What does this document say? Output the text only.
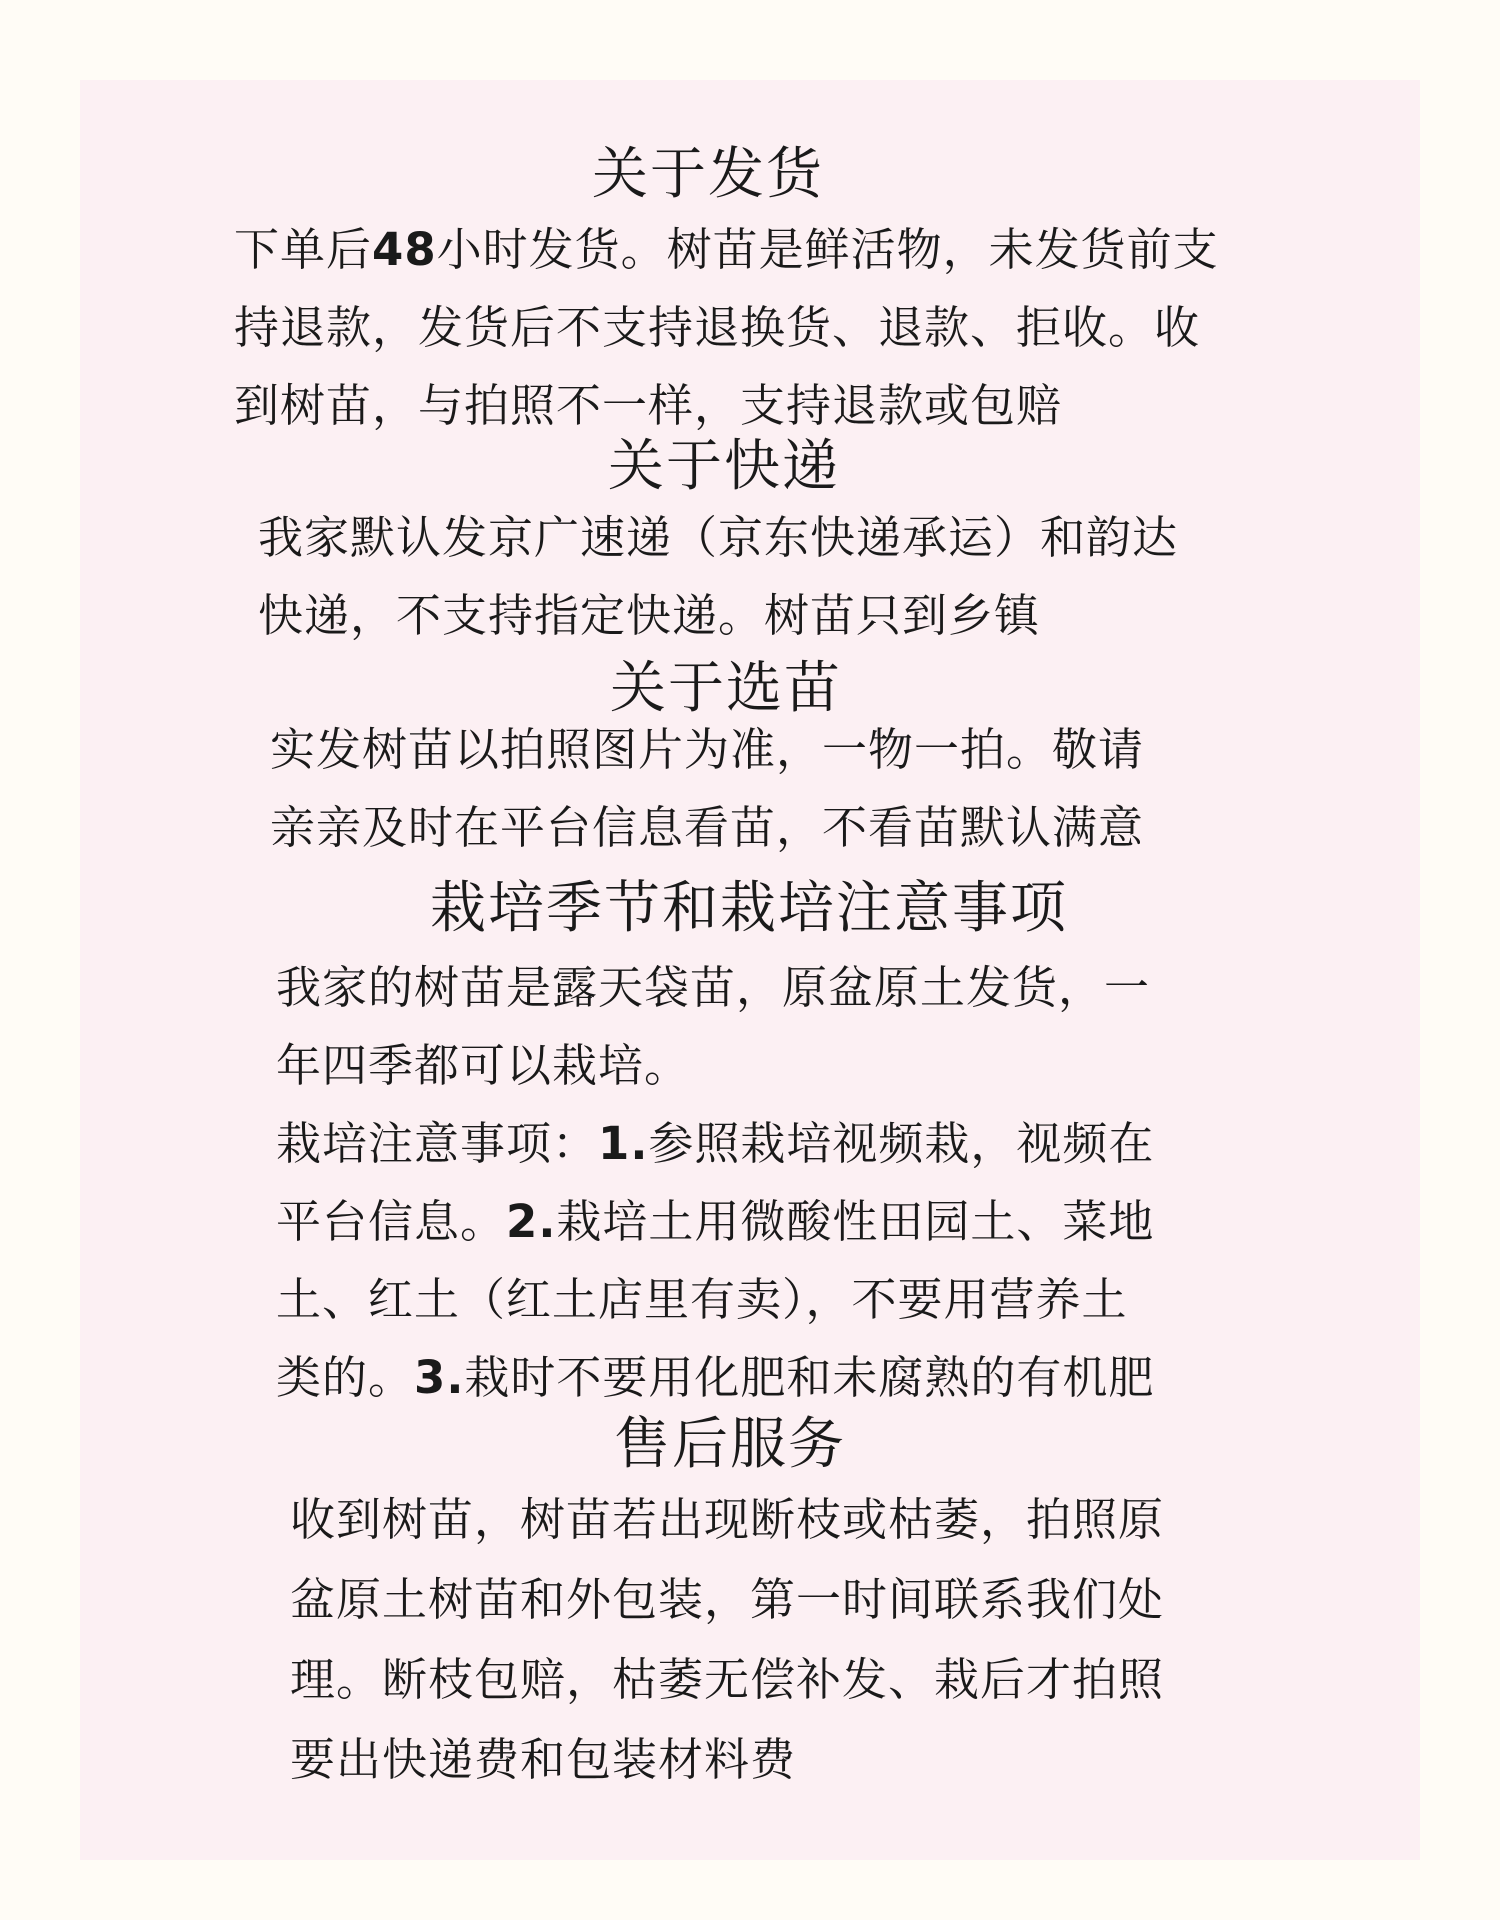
关于发货
下单后48小时发货。树苗是鲜活物，未发货前支
持退款，发货后不支持退换货、退款、拒收。收
到树苗，与拍照不一样，支持退款或包赔
关于快递
我家默认发京广速递（京东快递承运）和韵达
快递，不支持指定快递。树苗只到乡镇
关于选苗
实发树苗以拍照图片为准，一物一拍。敬请
亲亲及时在平台信息看苗，不看苗默认满意
栽培季节和栽培注意事项
我家的树苗是露天袋苗，原盆原土发货，一
年四季都可以栽培。
栽培注意事项：1.参照栽培视频栽，视频在
平台信息。2.栽培土用微酸性田园土、菜地
土、红土（红土店里有卖），不要用营养土
类的。3.栽时不要用化肥和未腐熟的有机肥
售后服务
收到树苗，树苗若出现断枝或枯萎，拍照原
盆原土树苗和外包装，第一时间联系我们处
理。断枝包赔，枯萎无偿补发、栽后才拍照
要出快递费和包装材料费
